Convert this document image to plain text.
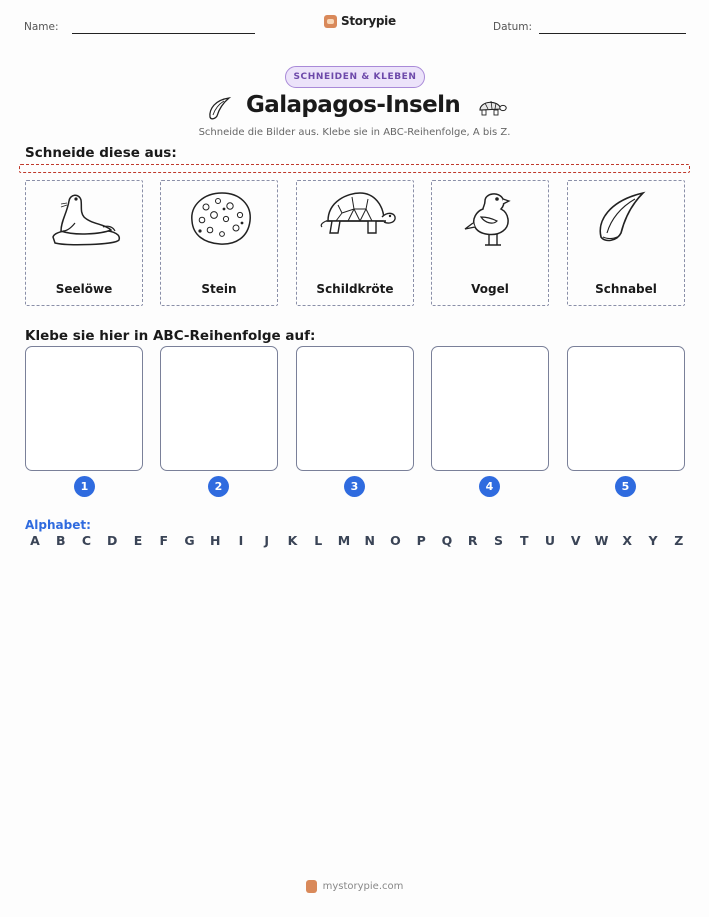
Name:	Storypie	Datum:
SCHNEIDEN & KLEBEN
Galapagos-Inseln
Schneide die Bilder aus. Klebe sie in ABC-Reihenfolge, A bis Z.
Schneide diese aus:
Seelöwe	Stein	Schildkröte	Vogel	Schnabel
Klebe sie hier in ABC-Reihenfolge auf:
1	2	3	4	5
Alphabet:
A B C D E F G H	I	J	K	L	M N O P Q R S T U V W X Y Z
mystorypie.com
